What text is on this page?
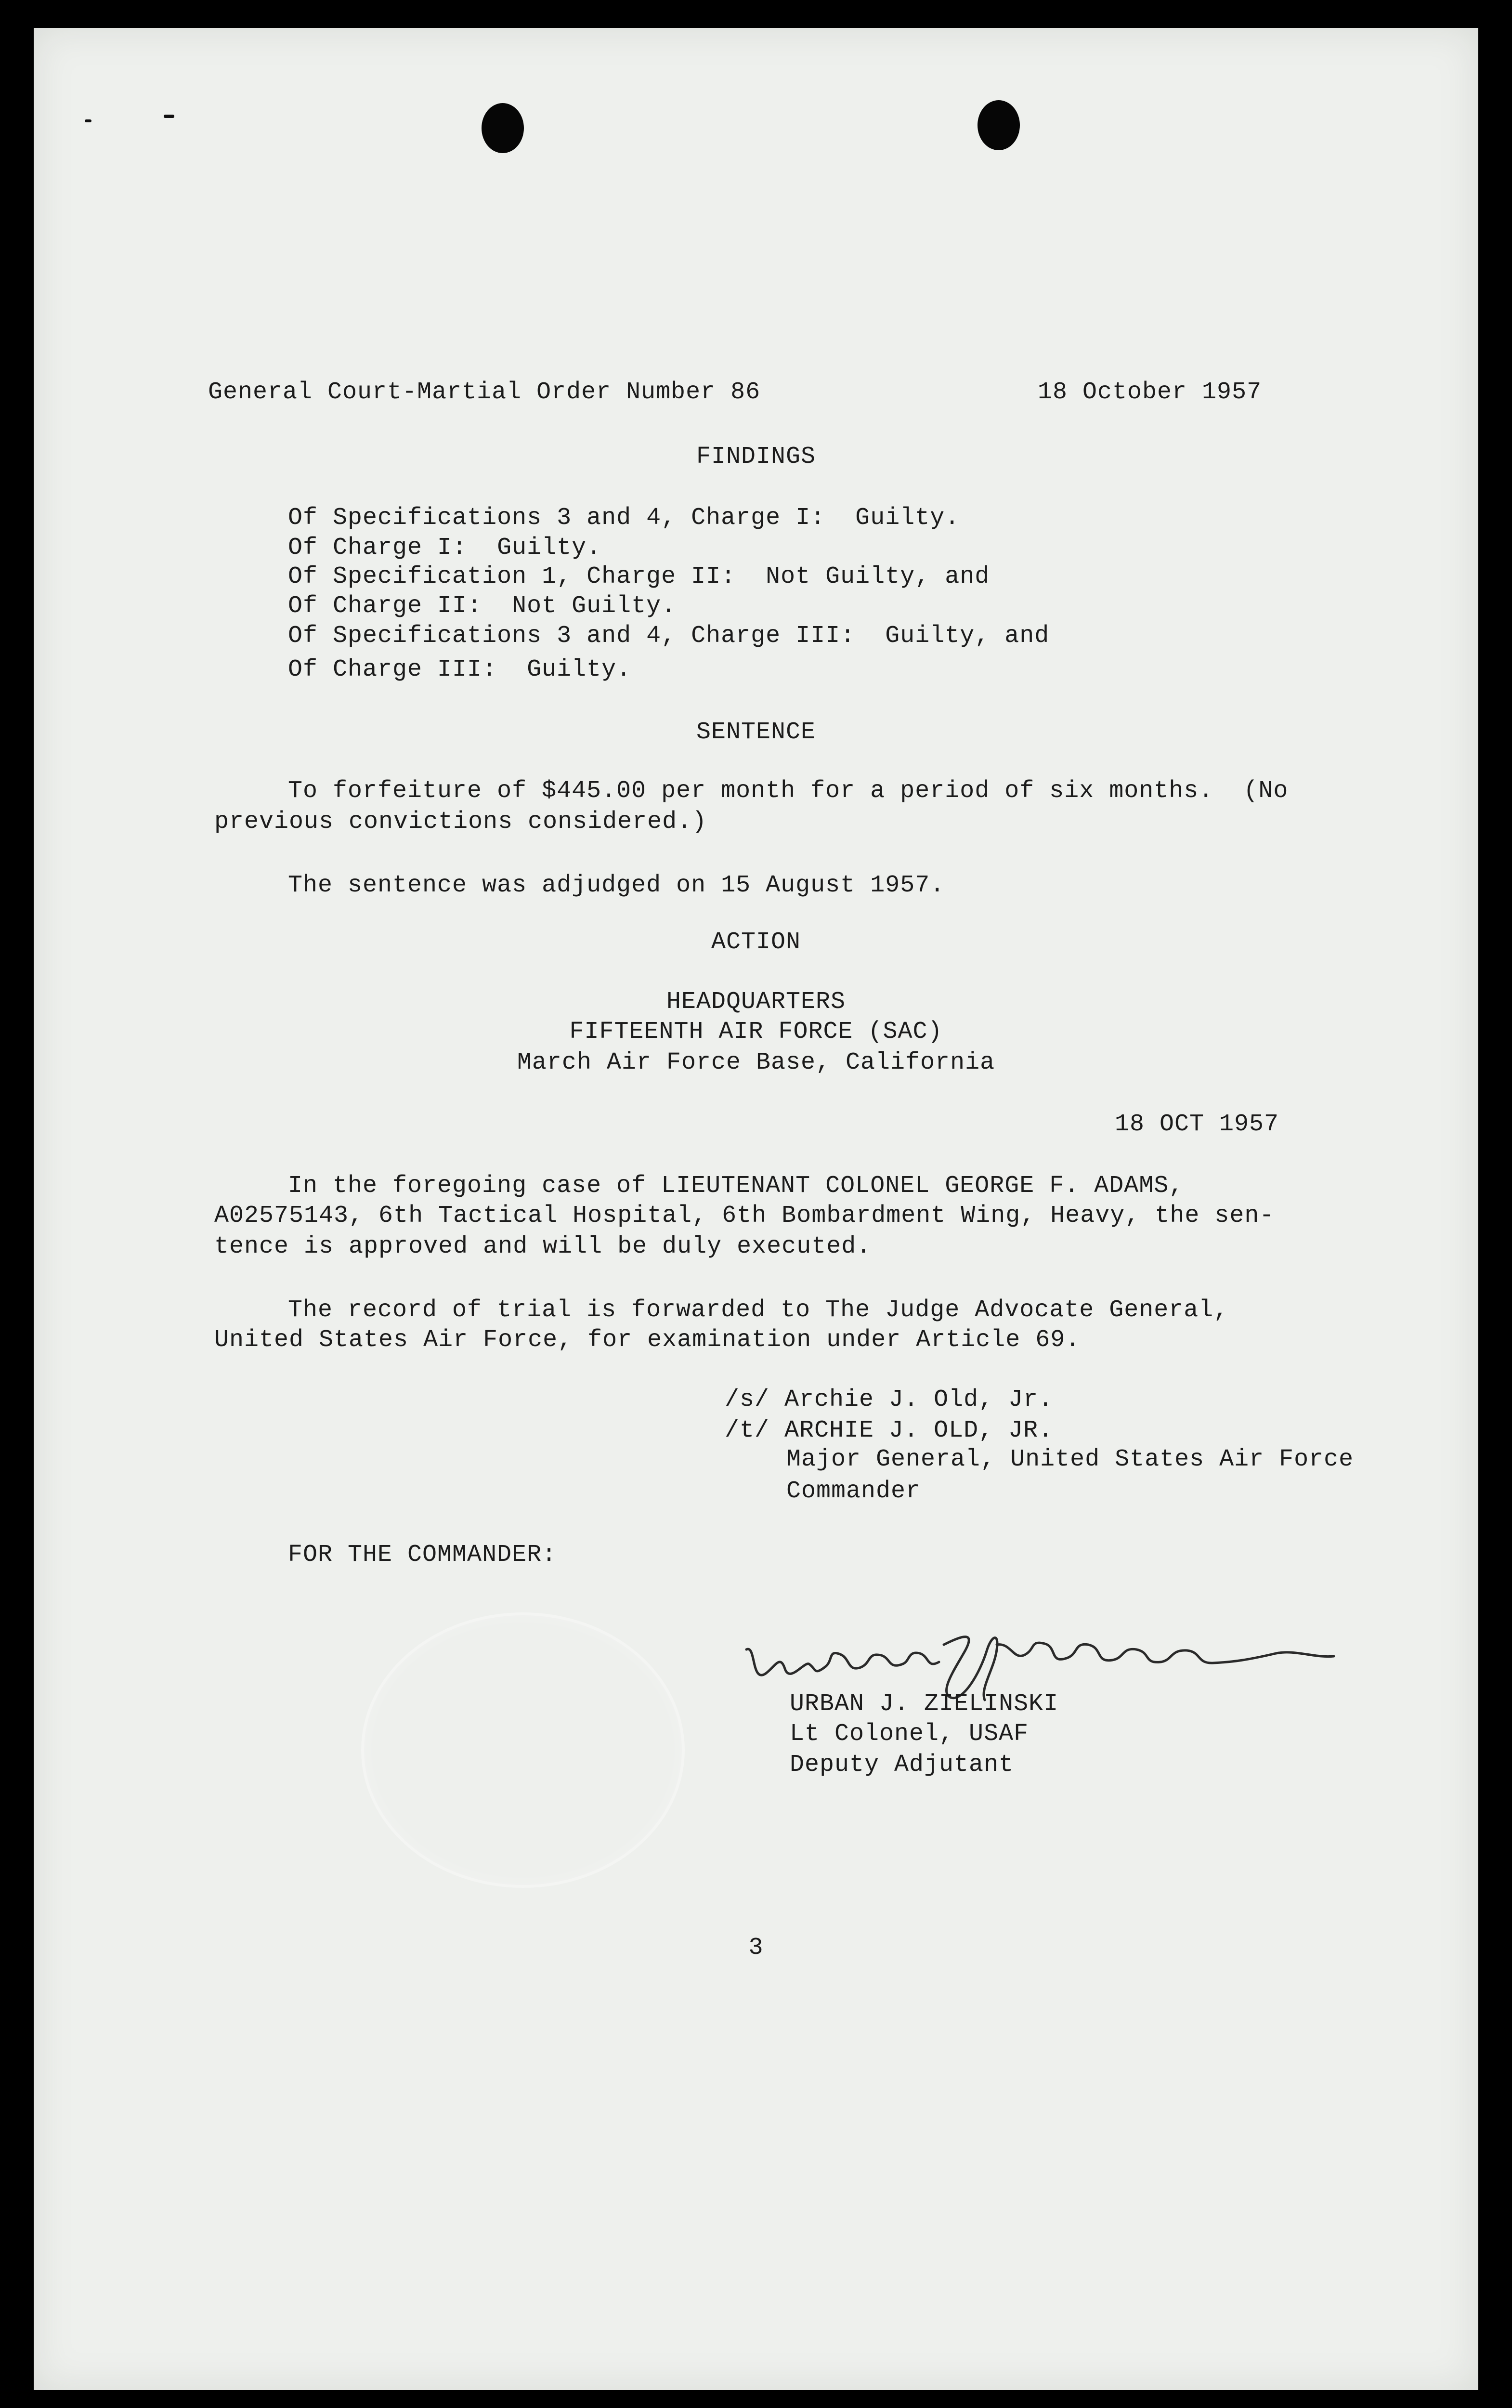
General Court-Martial Order Number 86	18 October 1957
FINDINGS
Of Specifications 3 and 4, Charge I:  Guilty.
Of Charge I:  Guilty.
Of Specification 1, Charge II:  Not Guilty, and
Of Charge II:  Not Guilty.
Of Specifications 3 and 4, Charge III:  Guilty, and
Of Charge III:  Guilty.
SENTENCE
To forfeiture of $445.00 per month for a period of six months.  (No
previous convictions considered.)
The sentence was adjudged on 15 August 1957.
ACTION
HEADQUARTERS
FIFTEENTH AIR FORCE (SAC)
March Air Force Base, California
18 OCT 1957
In the foregoing case of LIEUTENANT COLONEL GEORGE F. ADAMS,
A02575143, 6th Tactical Hospital, 6th Bombardment Wing, Heavy, the sen-
tence is approved and will be duly executed.
The record of trial is forwarded to The Judge Advocate General,
United States Air Force, for examination under Article 69.
/s/ Archie J. Old, Jr.
/t/ ARCHIE J. OLD, JR.
Major General, United States Air Force
Commander
FOR THE COMMANDER:
URBAN J. ZIELINSKI
Lt Colonel, USAF
Deputy Adjutant
3
